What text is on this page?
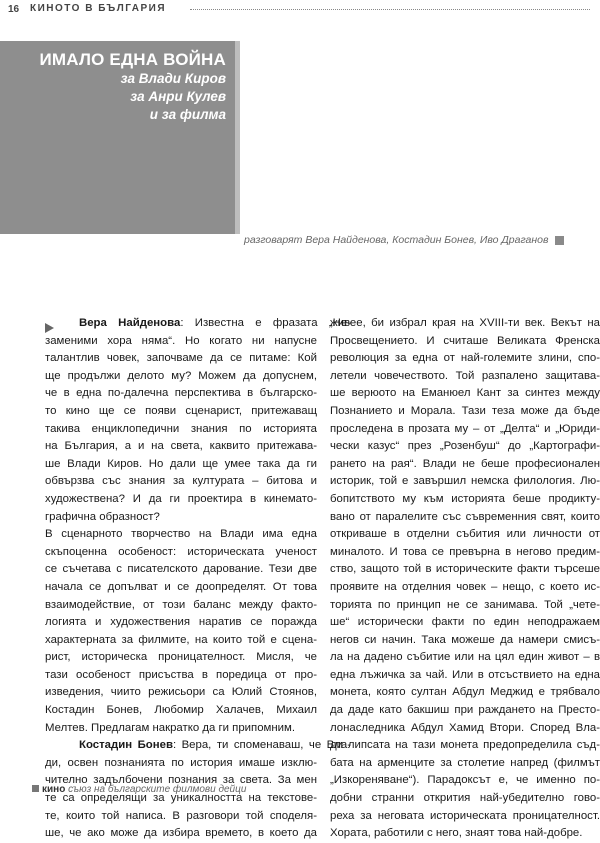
16 КИНОТО В БЪЛГАРИЯ
ИМАЛО ЕДНА ВОЙНА
за Влади Киров
за Анри Кулев
и за филма
разговарят Вера Найденова, Костадин Бонев, Иво Драганов
Вера Найденова: Известна е фразата „Не-
заменими хора няма“. Но когато ни напусне
талантлив човек, започваме да се питаме: Кой
ще продължи делото му? Можем да допуснем,
че в една по-далечна перспектива в българско-
то кино ще се появи сценарист, притежаващ
такива енциклопедични знания по историята
на България, а и на света, каквито притежава-
ше Влади Киров. Но дали ще умее така да ги
обвързва със знания за културата – битова и
художествена? И да ги проектира в кинемато-
графична образност?
В сценарното творчество на Влади има една
скъпоценна особеност: историческата ученост
се съчетава с писателското дарование. Тези две
начала се допълват и се доопределят. От това
взаимодействие, от този баланс между факто-
логията и художествения наратив се поражда
характерната за филмите, на които той е сцена-
рист, историческа проницателност. Мисля, че
тази особеност присъства в поредица от про-
изведения, чиито режисьори са Юлий Стоянов,
Костадин Бонев, Любомир Халачев, Михаил
Мелтев. Предлагам накратко да ги припомним.
Костадин Бонев: Вера, ти споменаваш, че Вла-
ди, освен познанията по история имаше изклю-
чително задълбочени познания за света. За мен
те са определящи за уникалността на текстове-
те, които той написа. В разговори той споделя-
ше, че ако може да избира времето, в което да
живее, би избрал края на XVIII-ти век. Векът на
Просвещението. И считаше Великата Френска
революция за една от най-големите злини, спо-
летели човечеството. Той разпалено защитава-
ше верюото на Еманюел Кант за синтез между
Познанието и Морала. Тази теза може да бъде
проследена в прозата му – от „Делта“ и „Юриди-
чески казус“ през „Розенбуш“ до „Картографи-
рането на рая“. Влади не беше професионален
историк, той е завършил немска филология. Лю-
бопитството му към историята беше продикту-
вано от паралелите със съвременния свят, които
откриваше в отделни събития или личности от
миналото. И това се превърна в негово предим-
ство, защото той в историческите факти търсеше
проявите на отделния човек – нещо, с което ис-
торията по принцип не се занимава. Той „чете-
ше“ исторически факти по един неподражаем
негов си начин. Така можеше да намери смисъ-
ла на дадено събитие или на цял един живот – в
една лъжичка за чай. Или в отсъствието на една
монета, която султан Абдул Меджид е трябвало
да даде като бакшиш при раждането на Престо-
лонаследника Абдул Хамид Втори. Според Вла-
ди липсата на тази монета предопределила съд-
бата на арменците за столетие напред (филмът
„Изкореняване“). Парадоксът е, че именно по-
добни странни открития най-убедително гово-
реха за неговата историческата проницателност.
Хората, работили с него, знаят това най-добре.
кино съюз на българските филмови дейци
